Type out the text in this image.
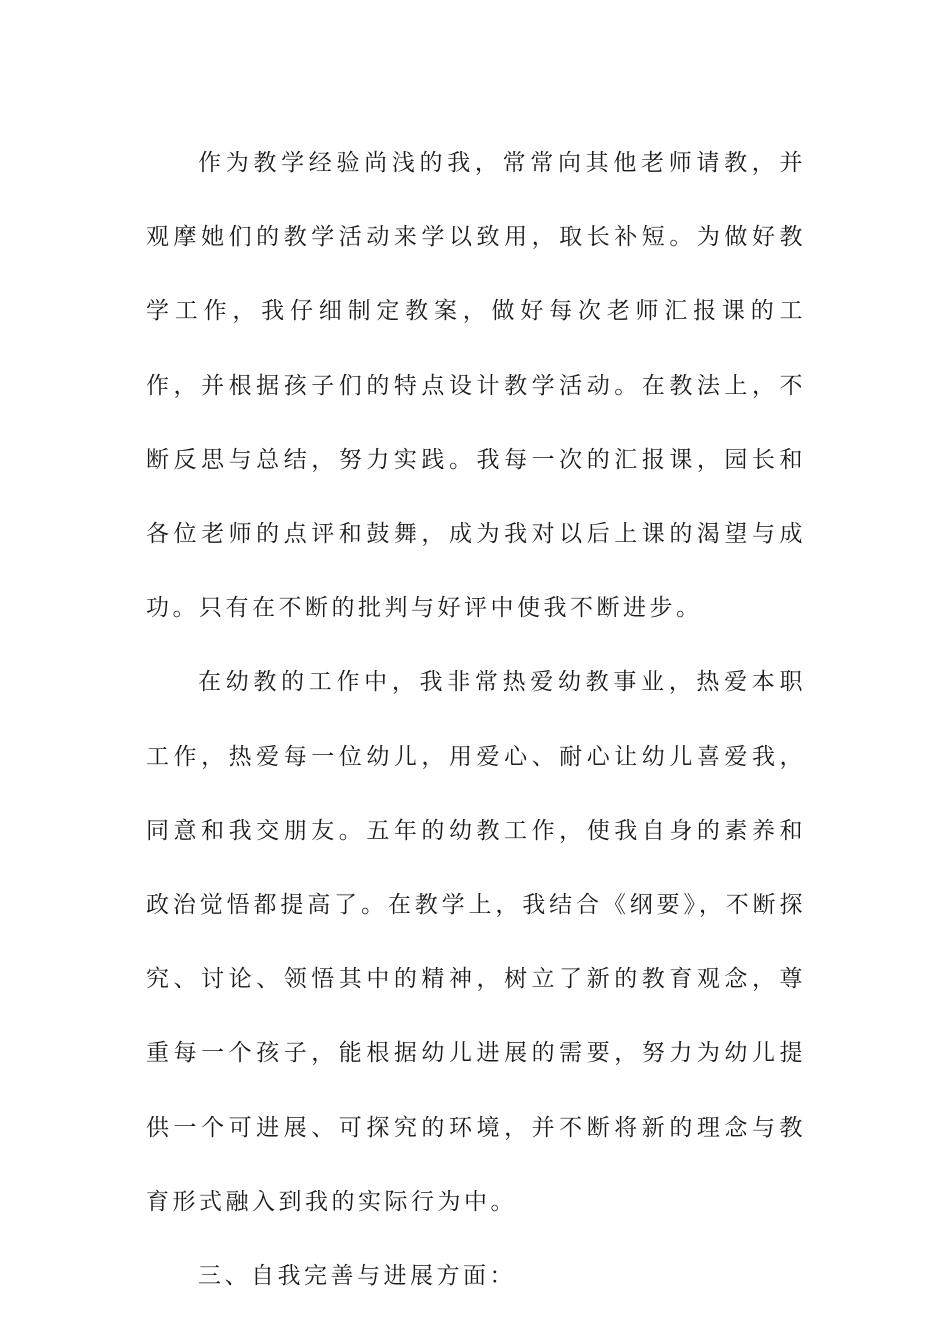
作为教学经验尚浅的我，常常向其他老师请教，并观摩她们的教学活动来学以致用，取长补短。为做好教学工作，我仔细制定教案，做好每次老师汇报课的工作，并根据孩子们的特点设计教学活动。在教法上，不断反思与总结，努力实践。我每一次的汇报课，园长和各位老师的点评和鼓舞，成为我对以后上课的渴望与成功。只有在不断的批判与好评中使我不断进步。

在幼教的工作中，我非常热爱幼教事业，热爱本职工作，热爱每一位幼儿，用爱心、耐心让幼儿喜爱我，同意和我交朋友。五年的幼教工作，使我自身的素养和政治觉悟都提高了。在教学上，我结合《纲要》，不断探究、讨论、领悟其中的精神，树立了新的教育观念，尊重每一个孩子，能根据幼儿进展的需要，努力为幼儿提供一个可进展、可探究的环境，并不断将新的理念与教育形式融入到我的实际行为中。

三、自我完善与进展方面：
